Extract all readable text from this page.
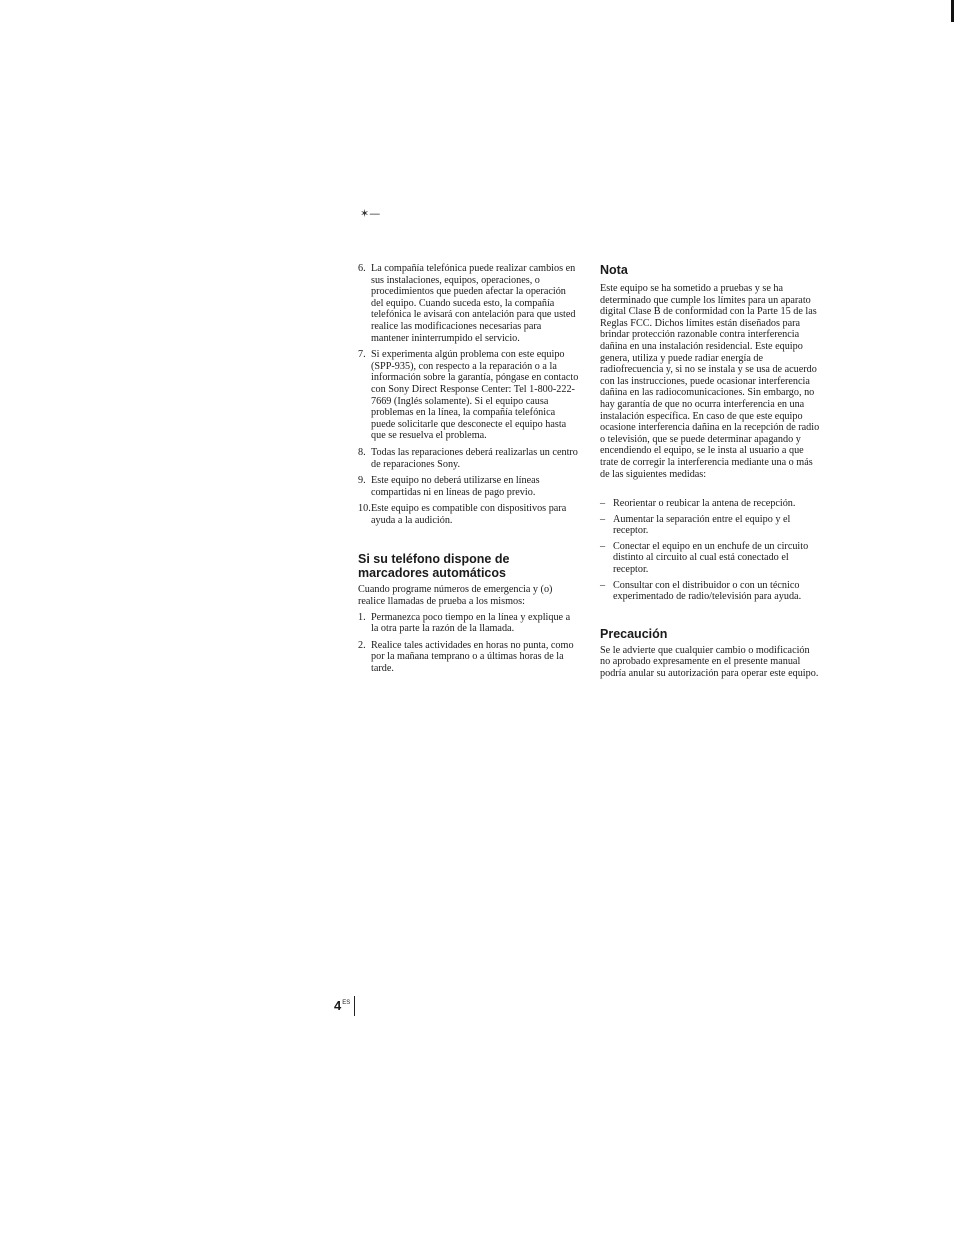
✶—
6. La compañía telefónica puede realizar cambios en sus instalaciones, equipos, operaciones, o procedimientos que pueden afectar la operación del equipo. Cuando suceda esto, la compañía telefónica le avisará con antelación para que usted realice las modificaciones necesarias para mantener ininterrumpido el servicio.
7. Si experimenta algún problema con este equipo (SPP-935), con respecto a la reparación o a la información sobre la garantía, póngase en contacto con Sony Direct Response Center: Tel 1-800-222-7669 (Inglés solamente). Si el equipo causa problemas en la línea, la compañía telefónica puede solicitarle que desconecte el equipo hasta que se resuelva el problema.
8. Todas las reparaciones deberá realizarlas un centro de reparaciones Sony.
9. Este equipo no deberá utilizarse en líneas compartidas ni en líneas de pago previo.
10. Este equipo es compatible con dispositivos para ayuda a la audición.
Si su teléfono dispone de marcadores automáticos

Cuando programe números de emergencia y (o) realice llamadas de prueba a los mismos:

1. Permanezca poco tiempo en la línea y explique a la otra parte la razón de la llamada.
2. Realice tales actividades en horas no punta, como por la mañana temprano o a últimas horas de la tarde.
Nota

Este equipo se ha sometido a pruebas y se ha determinado que cumple los límites para un aparato digital Clase B de conformidad con la Parte 15 de las Reglas FCC. Dichos límites están diseñados para brindar protección razonable contra interferencia dañina en una instalación residencial. Este equipo genera, utiliza y puede radiar energía de radiofrecuencia y, si no se instala y se usa de acuerdo con las instrucciones, puede ocasionar interferencia dañina en las radiocomunicaciones. Sin embargo, no hay garantía de que no ocurra interferencia en una instalación específica. En caso de que este equipo ocasione interferencia dañina en la recepción de radio o televisión, que se puede determinar apagando y encendiendo el equipo, se le insta al usuario a que trate de corregir la interferencia mediante una o más de las siguientes medidas:

– Reorientar o reubicar la antena de recepción.
– Aumentar la separación entre el equipo y el receptor.
– Conectar el equipo en un enchufe de un circuito distinto al circuito al cual está conectado el receptor.
– Consultar con el distribuidor o con un técnico experimentado de radio/televisión para ayuda.
Precaución

Se le advierte que cualquier cambio o modificación no aprobado expresamente en el presente manual podría anular su autorización para operar este equipo.

$4^{ES}$
